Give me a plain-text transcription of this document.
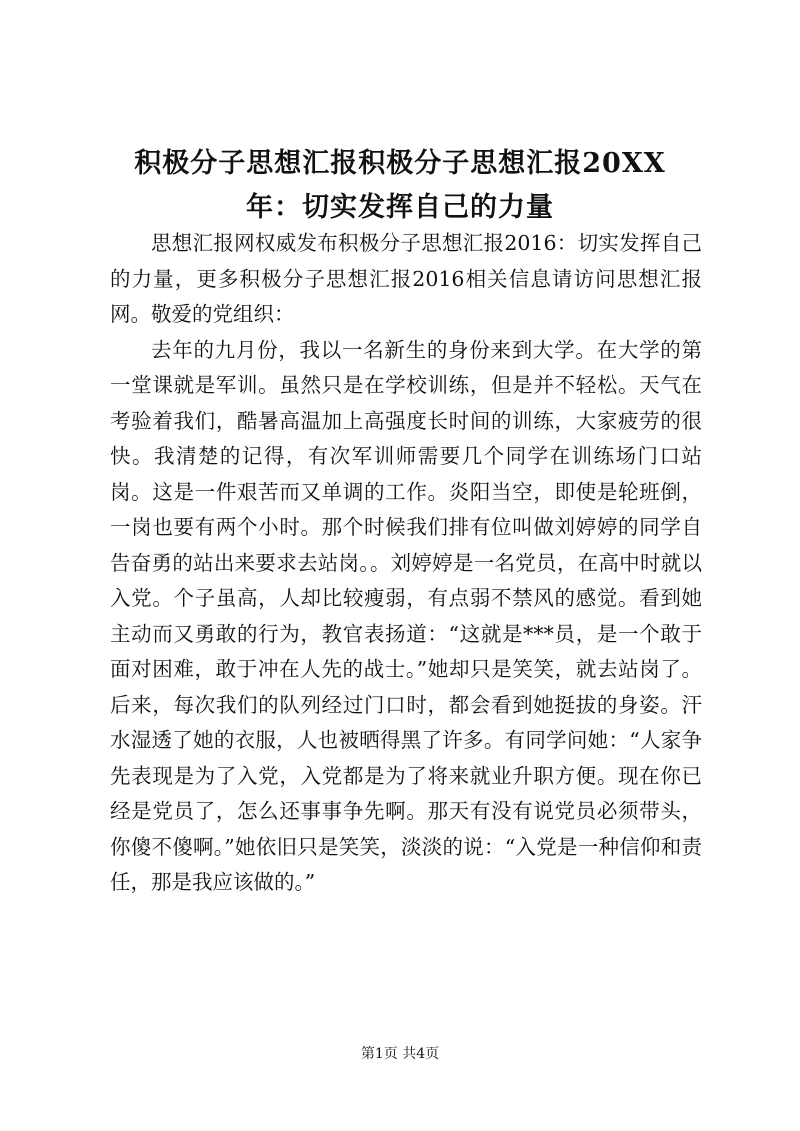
积极分子思想汇报积极分子思想汇报20XX年：切实发挥自己的力量

思想汇报网权威发布积极分子思想汇报2016：切实发挥自己的力量，更多积极分子思想汇报2016相关信息请访问思想汇报网。敬爱的党组织：

去年的九月份，我以一名新生的身份来到大学。在大学的第一堂课就是军训。虽然只是在学校训练，但是并不轻松。天气在考验着我们，酷暑高温加上高强度长时间的训练，大家疲劳的很快。我清楚的记得，有次军训师需要几个同学在训练场门口站岗。这是一件艰苦而又单调的工作。炎阳当空，即使是轮班倒，一岗也要有两个小时。那个时候我们排有位叫做刘婷婷的同学自告奋勇的站出来要求去站岗。。刘婷婷是一名党员，在高中时就以入党。个子虽高，人却比较瘦弱，有点弱不禁风的感觉。看到她主动而又勇敢的行为，教官表扬道：“这就是***员，是一个敢于面对困难，敢于冲在人先的战士。”她却只是笑笑，就去站岗了。后来，每次我们的队列经过门口时，都会看到她挺拔的身姿。汗水湿透了她的衣服，人也被晒得黑了许多。有同学问她：“人家争先表现是为了入党，入党都是为了将来就业升职方便。现在你已经是党员了，怎么还事事争先啊。那天有没有说党员必须带头，你傻不傻啊。”她依旧只是笑笑，淡淡的说：“入党是一种信仰和责任，那是我应该做的。”

第1页 共4页
